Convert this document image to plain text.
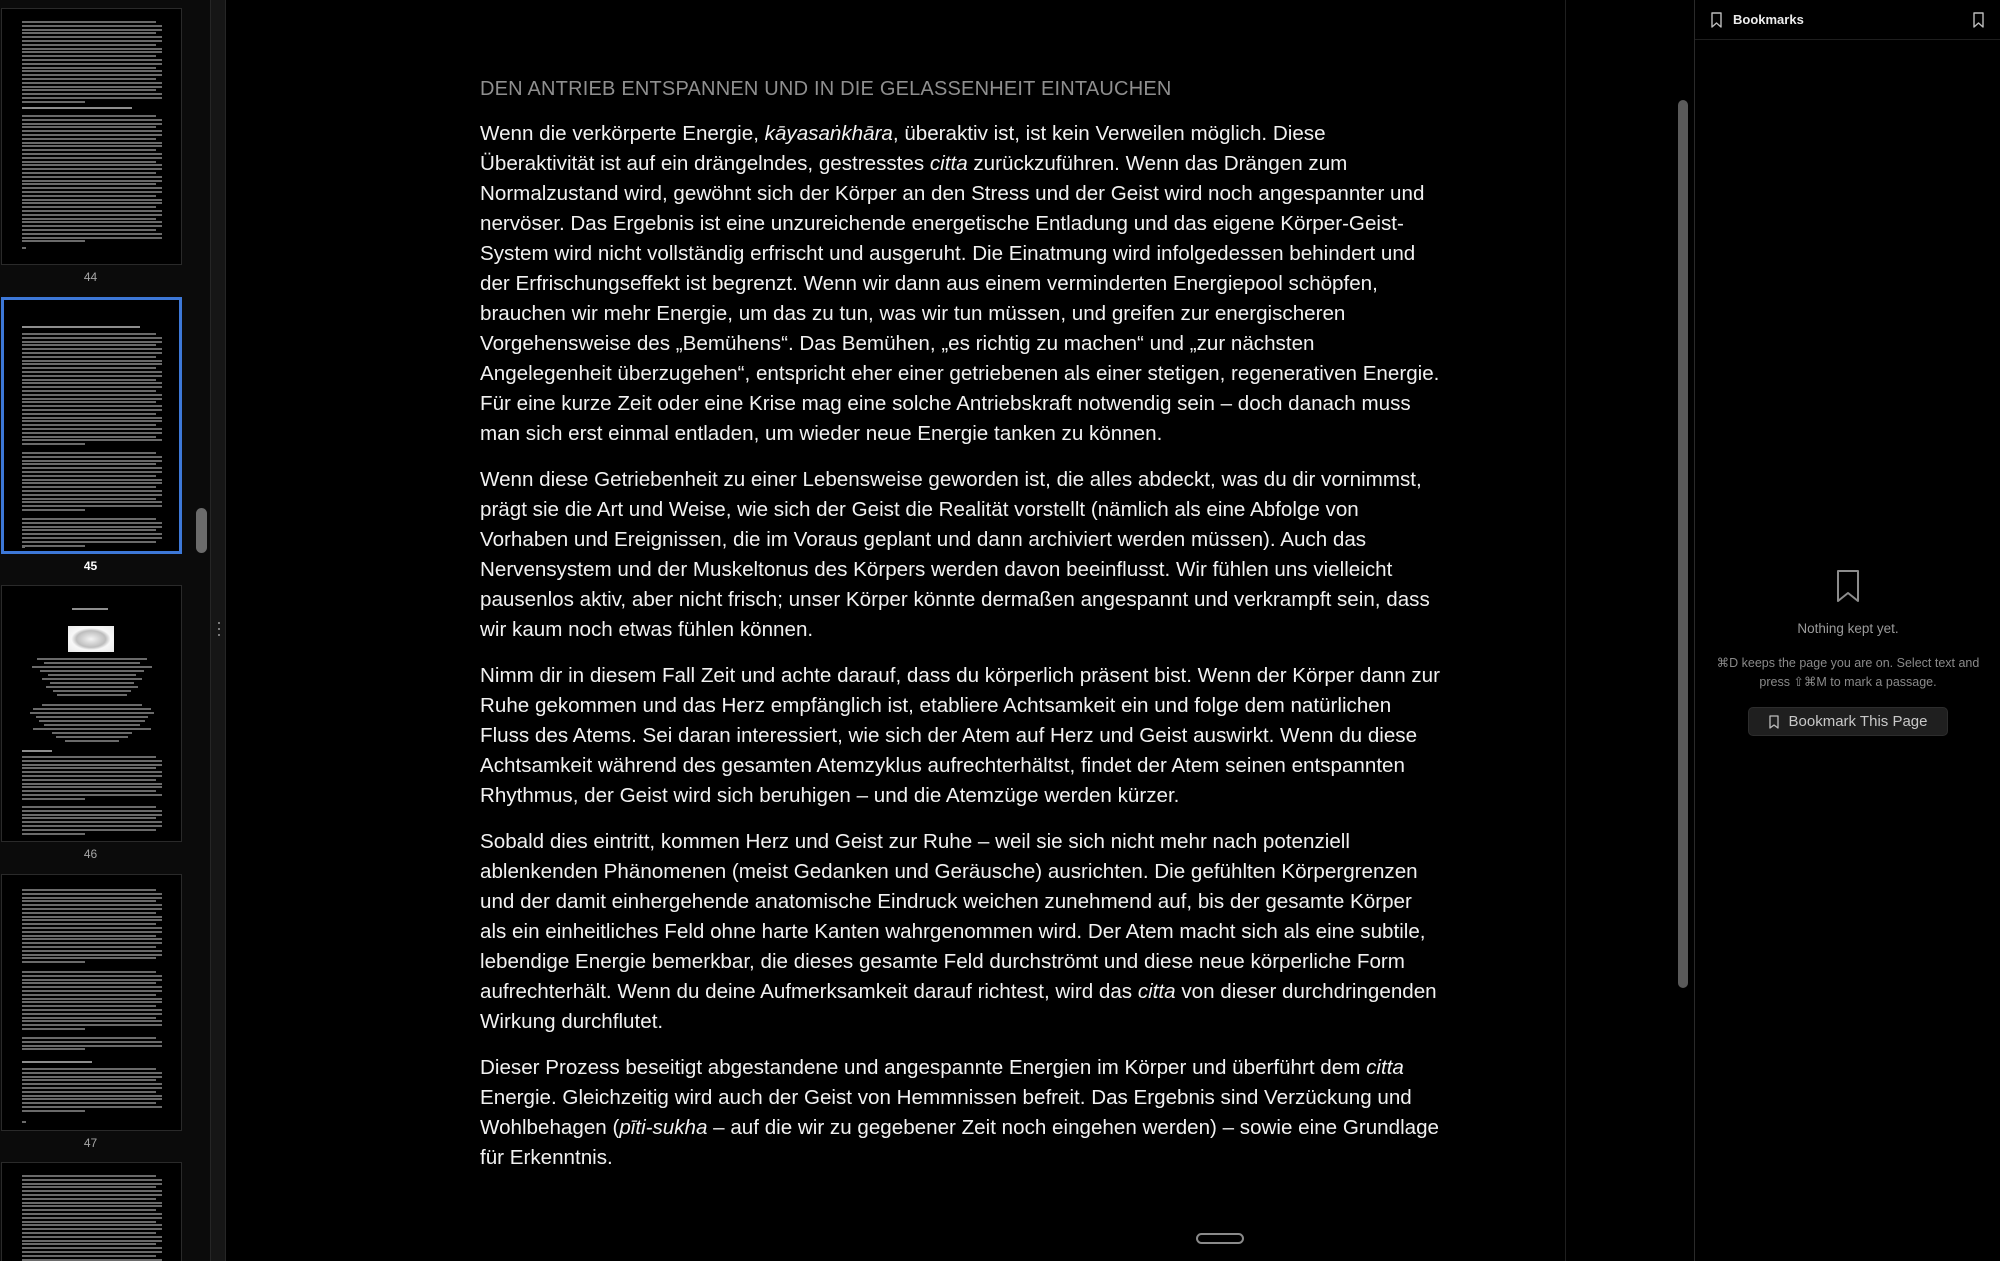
44
45
46
47
DEN ANTRIEB ENTSPANNEN UND IN DIE GELASSENHEIT EINTAUCHEN

Wenn die verkörperte Energie, kāyasaṅkhāra, überaktiv ist, ist kein Verweilen möglich. Diese Überaktivität ist auf ein drängelndes, gestresstes citta zurückzuführen. Wenn das Drängen zum Normalzustand wird, gewöhnt sich der Körper an den Stress und der Geist wird noch angespannter und nervöser. Das Ergebnis ist eine unzureichende energetische Entladung und das eigene Körper-Geist-System wird nicht vollständig erfrischt und ausgeruht. Die Einatmung wird infolgedessen behindert und der Erfrischungseffekt ist begrenzt. Wenn wir dann aus einem verminderten Energiepool schöpfen, brauchen wir mehr Energie, um das zu tun, was wir tun müssen, und greifen zur energischeren Vorgehensweise des „Bemühens“. Das Bemühen, „es richtig zu machen“ und „zur nächsten Angelegenheit überzugehen“, entspricht eher einer getriebenen als einer stetigen, regenerativen Energie. Für eine kurze Zeit oder eine Krise mag eine solche Antriebskraft notwendig sein – doch danach muss man sich erst einmal entladen, um wieder neue Energie tanken zu können.

Wenn diese Getriebenheit zu einer Lebensweise geworden ist, die alles abdeckt, was du dir vornimmst, prägt sie die Art und Weise, wie sich der Geist die Realität vorstellt (nämlich als eine Abfolge von Vorhaben und Ereignissen, die im Voraus geplant und dann archiviert werden müssen). Auch das Nervensystem und der Muskeltonus des Körpers werden davon beeinflusst. Wir fühlen uns vielleicht pausenlos aktiv, aber nicht frisch; unser Körper könnte dermaßen angespannt und verkrampft sein, dass wir kaum noch etwas fühlen können.

Nimm dir in diesem Fall Zeit und achte darauf, dass du körperlich präsent bist. Wenn der Körper dann zur Ruhe gekommen und das Herz empfänglich ist, etabliere Achtsamkeit ein und folge dem natürlichen Fluss des Atems. Sei daran interessiert, wie sich der Atem auf Herz und Geist auswirkt. Wenn du diese Achtsamkeit während des gesamten Atemzyklus aufrechterhältst, findet der Atem seinen entspannten Rhythmus, der Geist wird sich beruhigen – und die Atemzüge werden kürzer.

Sobald dies eintritt, kommen Herz und Geist zur Ruhe – weil sie sich nicht mehr nach potenziell ablenkenden Phänomenen (meist Gedanken und Geräusche) ausrichten. Die gefühlten Körpergrenzen und der damit einhergehende anatomische Eindruck weichen zunehmend auf, bis der gesamte Körper als ein einheitliches Feld ohne harte Kanten wahrgenommen wird. Der Atem macht sich als eine subtile, lebendige Energie bemerkbar, die dieses gesamte Feld durchströmt und diese neue körperliche Form aufrechterhält. Wenn du deine Aufmerksamkeit darauf richtest, wird das citta von dieser durchdringenden Wirkung durchflutet.

Dieser Prozess beseitigt abgestandene und angespannte Energien im Körper und überführt dem citta Energie. Gleichzeitig wird auch der Geist von Hemmnissen befreit. Das Ergebnis sind Verzückung und Wohlbehagen (pīti-sukha – auf die wir zu gegebener Zeit noch eingehen werden) – sowie eine Grundlage für Erkenntnis.

Bookmarks
Nothing kept yet.
⌘D keeps the page you are on. Select text and press ⇧⌘M to mark a passage.
Bookmark This Page
